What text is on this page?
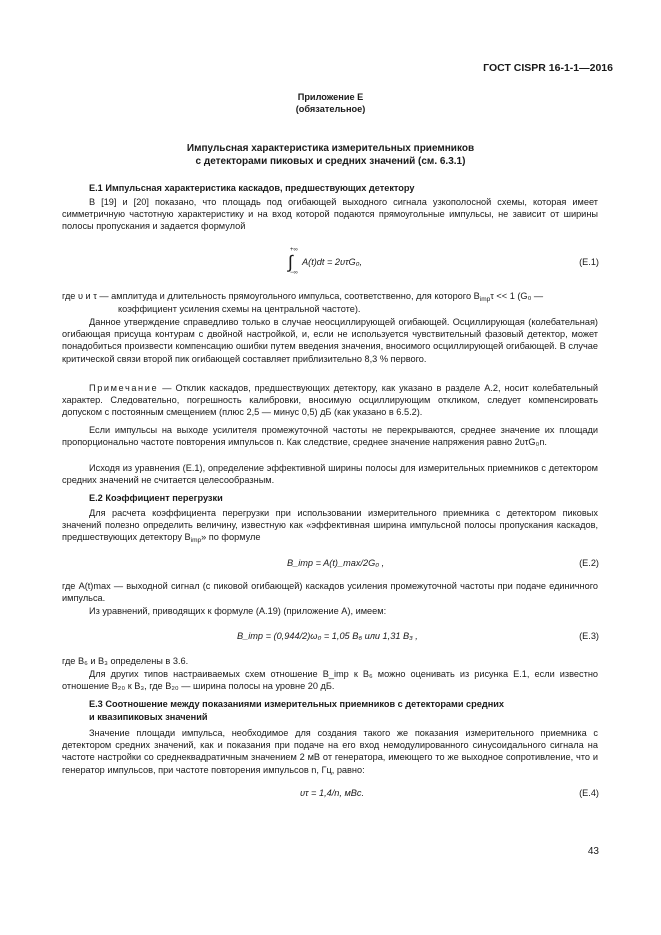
ГОСТ CISPR 16-1-1—2016
Приложение Е
(обязательное)
Импульсная характеристика измерительных приемников
с детекторами пиковых и средних значений (см. 6.3.1)
Е.1 Импульсная характеристика каскадов, предшествующих детектору
В [19] и [20] показано, что площадь под огибающей выходного сигнала узкополосной схемы, которая имеет симметричную частотную характеристику и на вход которой подаются прямоугольные импульсы, не зависит от ширины полосы пропускания и задается формулой
+∞
∫
−∞
A(t)dt = 2υτG₀,	(Е.1)
где υ и τ — амплитуда и длительность прямоугольного импульса, соответственно, для которого $B_{imp}\tau << 1$ (G₀ —
коэффициент усиления схемы на центральной частоте).
Данное утверждение справедливо только в случае неосциллирующей огибающей. Осциллирующая (колебательная) огибающая присуща контурам с двойной настройкой, и, если не используется чувствительный фазовый детектор, может понадобиться произвести компенсацию ошибки путем введения значения, вносимого осциллирующей огибающей. В случае критической связи второй пик огибающей составляет приблизительно 8,3 % первого.
Примечание — Отклик каскадов, предшествующих детектору, как указано в разделе А.2, носит колебательный характер. Следовательно, погрешность калибровки, вносимую осциллирующим откликом, следует компенсировать допуском с постоянным смещением (плюс 2,5 — минус 0,5) дБ (как указано в 6.5.2).
Если импульсы на выходе усилителя промежуточной частоты не перекрываются, среднее значение их площади пропорционально частоте повторения импульсов n. Как следствие, среднее значение напряжения равно 2υτG₀n.
Исходя из уравнения (Е.1), определение эффективной ширины полосы для измерительных приемников с детектором средних значений не считается целесообразным.
Е.2 Коэффициент перегрузки
Для расчета коэффициента перегрузки при использовании измерительного приемника с детектором пиковых значений полезно определить величину, известную как «эффективная ширина импульсной полосы пропускания каскадов, предшествующих детектору $B_{imp}$» по формуле
B_imp = A(t)_max/2G₀ ,	(Е.2)
где A(t)max — выходной сигнал (с пиковой огибающей) каскадов усиления промежуточной частоты при подаче единичного импульса.
Из уравнений, приводящих к формуле (А.19) (приложение А), имеем:
B_imp = (0,944/2)ω₀ = 1,05 B₆ или 1,31 B₃ ,	(Е.3)
где B₆ и B₃ определены в 3.6.
Для других типов настраиваемых схем отношение B_imp к B₆ можно оценивать из рисунка Е.1, если известно отношение B₂₀ к B₃, где B₂₀ — ширина полосы на уровне 20 дБ.
Е.3 Соотношение между показаниями измерительных приемников с детекторами средних
и квазипиковых значений
Значение площади импульса, необходимое для создания такого же показания измерительного приемника с детектором средних значений, как и показания при подаче на его вход немодулированного синусоидального сигнала на частоте настройки со среднеквадратичным значением 2 мВ от генератора, имеющего то же выходное сопротивление, что и генератор импульсов, при частоте повторения импульсов n, Гц, равно:
υτ = 1,4/n, мВс.	(Е.4)
43
